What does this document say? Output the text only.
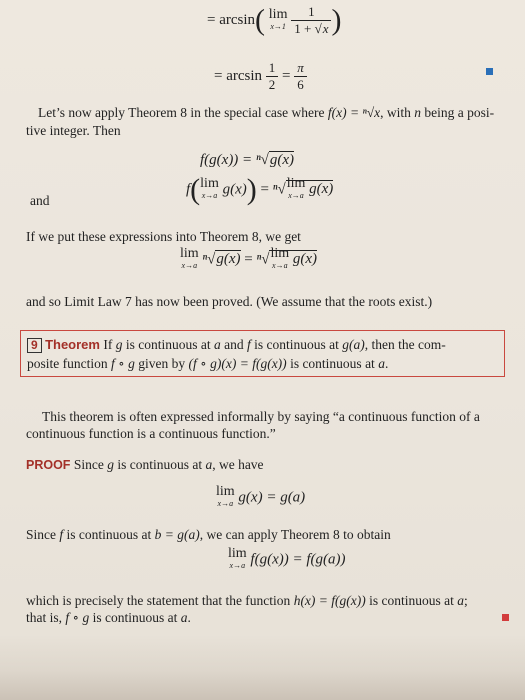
= arcsin( lim
x→1
$\frac{1}{1 + √x}$ )
= $\arcsin \frac{1}{2} = \frac{\pi}{6}$
Let’s now apply Theorem 8 in the special case where f(x) = ⁿ√x, with n being a posi-
tive integer. Then
f(g(x)) = ⁿ√g(x)
and
f( lim
x→a g(x)) = ⁿ√ lim
x→a g(x)
If we put these expressions into Theorem 8, we get
lim
x→a ⁿ√g(x) = ⁿ√ lim
x→a g(x)
and so Limit Law 7 has now been proved. (We assume that the roots exist.)
9 Theorem If g is continuous at a and f is continuous at g(a), then the com-
posite function f ∘ g given by (f ∘ g)(x) = f(g(x)) is continuous at a.
This theorem is often expressed informally by saying “a continuous function of a
continuous function is a continuous function.”
PROOF Since g is continuous at a, we have
lim
x→a g(x) = g(a)
Since f is continuous at b = g(a), we can apply Theorem 8 to obtain
lim
x→a f(g(x)) = f(g(a))
which is precisely the statement that the function h(x) = f(g(x)) is continuous at a;
that is, f ∘ g is continuous at a.
